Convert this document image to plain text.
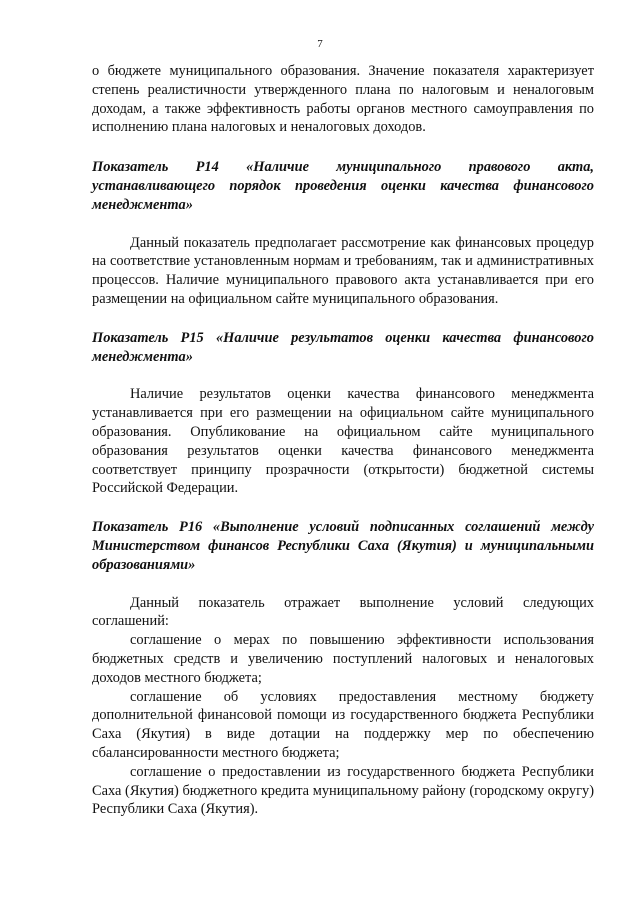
7

о бюджете муниципального образования. Значение показателя характеризует степень реалистичности утвержденного плана по налоговым и неналоговым доходам, а также эффективность работы органов местного самоуправления по исполнению плана налоговых и неналоговых доходов.

Показатель P14 «Наличие муниципального правового акта, устанавливающего порядок проведения оценки качества финансового менеджмента»

Данный показатель предполагает рассмотрение как финансовых процедур на соответствие установленным нормам и требованиям, так и административных процессов. Наличие муниципального правового акта устанавливается при его размещении на официальном сайте муниципального образования.

Показатель P15 «Наличие результатов оценки качества финансового менеджмента»

Наличие результатов оценки качества финансового менеджмента устанавливается при его размещении на официальном сайте муниципального образования. Опубликование на официальном сайте муниципального образования результатов оценки качества финансового менеджмента соответствует принципу прозрачности (открытости) бюджетной системы Российской Федерации.

Показатель P16 «Выполнение условий подписанных соглашений между Министерством финансов Республики Саха (Якутия) и муниципальными образованиями»

Данный показатель отражает выполнение условий следующих соглашений:

соглашение о мерах по повышению эффективности использования бюджетных средств и увеличению поступлений налоговых и неналоговых доходов местного бюджета;

соглашение об условиях предоставления местному бюджету дополнительной финансовой помощи из государственного бюджета Республики Саха (Якутия) в виде дотации на поддержку мер по обеспечению сбалансированности местного бюджета;

соглашение о предоставлении из государственного бюджета Республики Саха (Якутия) бюджетного кредита муниципальному району (городскому округу) Республики Саха (Якутия).
